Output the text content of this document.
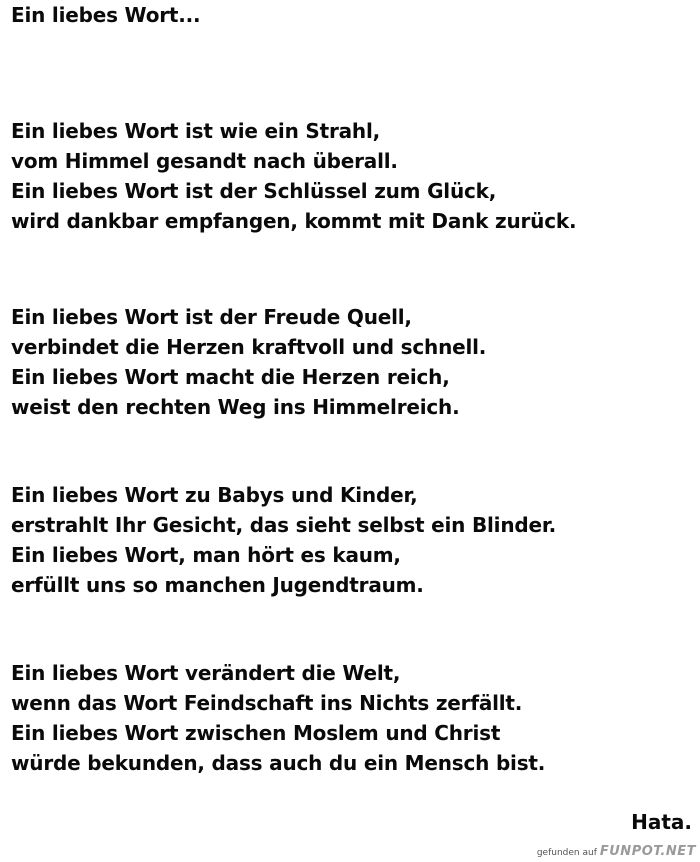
Ein liebes Wort...
Ein liebes Wort ist wie ein Strahl,
vom Himmel gesandt nach überall.
Ein liebes Wort ist der Schlüssel zum Glück,
wird dankbar empfangen, kommt mit Dank zurück.
Ein liebes Wort ist der Freude Quell,
verbindet die Herzen kraftvoll und schnell.
Ein liebes Wort macht die Herzen reich,
weist den rechten Weg ins Himmelreich.
Ein liebes Wort zu Babys und Kinder,
erstrahlt Ihr Gesicht, das sieht selbst ein Blinder.
Ein liebes Wort, man hört es kaum,
erfüllt uns so manchen Jugendtraum.
Ein liebes Wort verändert die Welt,
wenn das Wort Feindschaft ins Nichts zerfällt.
Ein liebes Wort zwischen Moslem und Christ
würde bekunden, dass auch du ein Mensch bist.
Hata.
gefunden auf FUNPOT.NET
